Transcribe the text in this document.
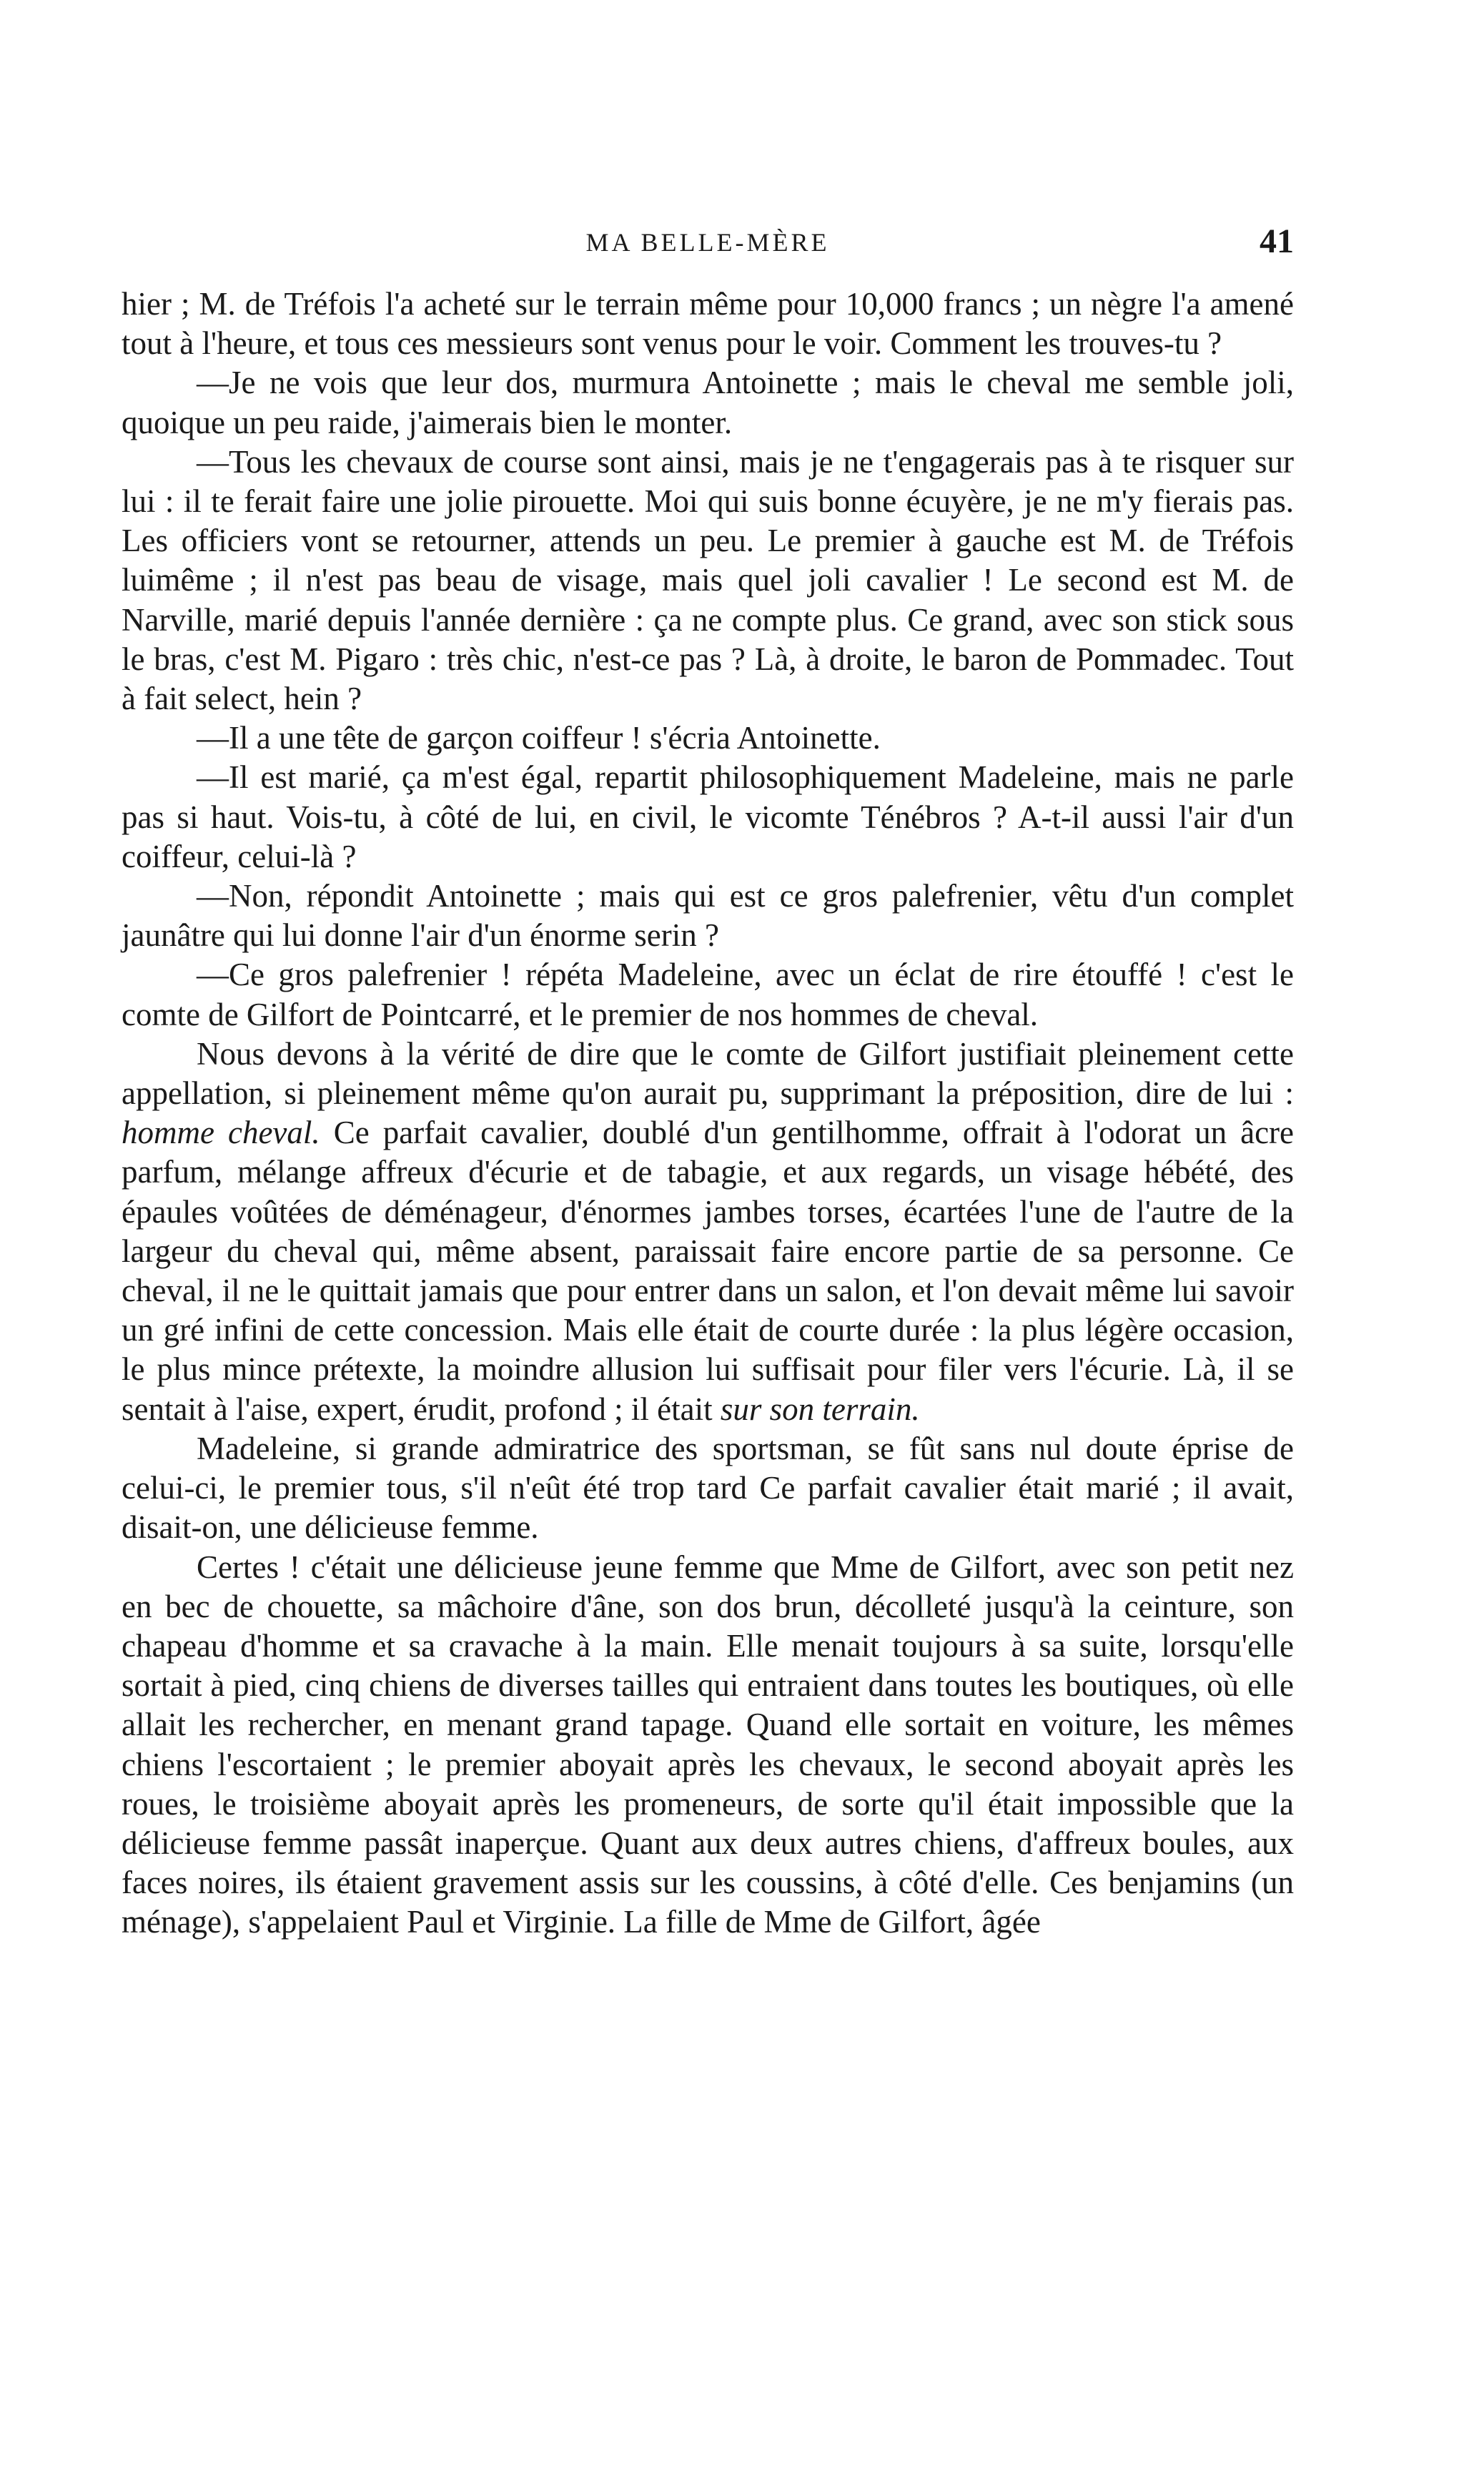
MA BELLE-MÈRE	41

hier ; M. de Tréfois l'a acheté sur le terrain même pour 10,000 francs ; un nègre l'a amené tout à l'heure, et tous ces messieurs sont venus pour le voir. Comment les trouves-tu ?

—Je ne vois que leur dos, murmura Antoinette ; mais le cheval me semble joli, quoique un peu raide, j'aimerais bien le monter.

—Tous les chevaux de course sont ainsi, mais je ne t'engagerais pas à te risquer sur lui : il te ferait faire une jolie pirouette. Moi qui suis bonne écuyère, je ne m'y fierais pas. Les officiers vont se retourner, attends un peu. Le premier à gauche est M. de Tréfois luimême ; il n'est pas beau de visage, mais quel joli cavalier ! Le second est M. de Narville, marié depuis l'année dernière : ça ne compte plus. Ce grand, avec son stick sous le bras, c'est M. Pigaro : très chic, n'est-ce pas ? Là, à droite, le baron de Pommadec. Tout à fait select, hein ?

—Il a une tête de garçon coiffeur ! s'écria Antoinette.

—Il est marié, ça m'est égal, repartit philosophiquement Madeleine, mais ne parle pas si haut. Vois-tu, à côté de lui, en civil, le vicomte Ténébros ? A-t-il aussi l'air d'un coiffeur, celui-là ?

—Non, répondit Antoinette ; mais qui est ce gros palefrenier, vêtu d'un complet jaunâtre qui lui donne l'air d'un énorme serin ?

—Ce gros palefrenier ! répéta Madeleine, avec un éclat de rire étouffé ! c'est le comte de Gilfort de Pointcarré, et le premier de nos hommes de cheval.

Nous devons à la vérité de dire que le comte de Gilfort justifiait pleinement cette appellation, si pleinement même qu'on aurait pu, supprimant la préposition, dire de lui : homme cheval. Ce parfait cavalier, doublé d'un gentilhomme, offrait à l'odorat un âcre parfum, mélange affreux d'écurie et de tabagie, et aux regards, un visage hébété, des épaules voûtées de déménageur, d'énormes jambes torses, écartées l'une de l'autre de la largeur du cheval qui, même absent, paraissait faire encore partie de sa personne. Ce cheval, il ne le quittait jamais que pour entrer dans un salon, et l'on devait même lui savoir un gré infini de cette concession. Mais elle était de courte durée : la plus légère occasion, le plus mince prétexte, la moindre allusion lui suffisait pour filer vers l'écurie. Là, il se sentait à l'aise, expert, érudit, profond ; il était sur son terrain.

Madeleine, si grande admiratrice des sportsman, se fût sans nul doute éprise de celui-ci, le premier tous, s'il n'eût été trop tard Ce parfait cavalier était marié ; il avait, disait-on, une délicieuse femme.

Certes ! c'était une délicieuse jeune femme que Mme de Gilfort, avec son petit nez en bec de chouette, sa mâchoire d'âne, son dos brun, décolleté jusqu'à la ceinture, son chapeau d'homme et sa cravache à la main. Elle menait toujours à sa suite, lorsqu'elle sortait à pied, cinq chiens de diverses tailles qui entraient dans toutes les boutiques, où elle allait les rechercher, en menant grand tapage. Quand elle sortait en voiture, les mêmes chiens l'escortaient ; le premier aboyait après les chevaux, le second aboyait après les roues, le troisième aboyait après les promeneurs, de sorte qu'il était impossible que la délicieuse femme passât inaperçue. Quant aux deux autres chiens, d'affreux boules, aux faces noires, ils étaient gravement assis sur les coussins, à côté d'elle. Ces benjamins (un ménage), s'appelaient Paul et Virginie. La fille de Mme de Gilfort, âgée
